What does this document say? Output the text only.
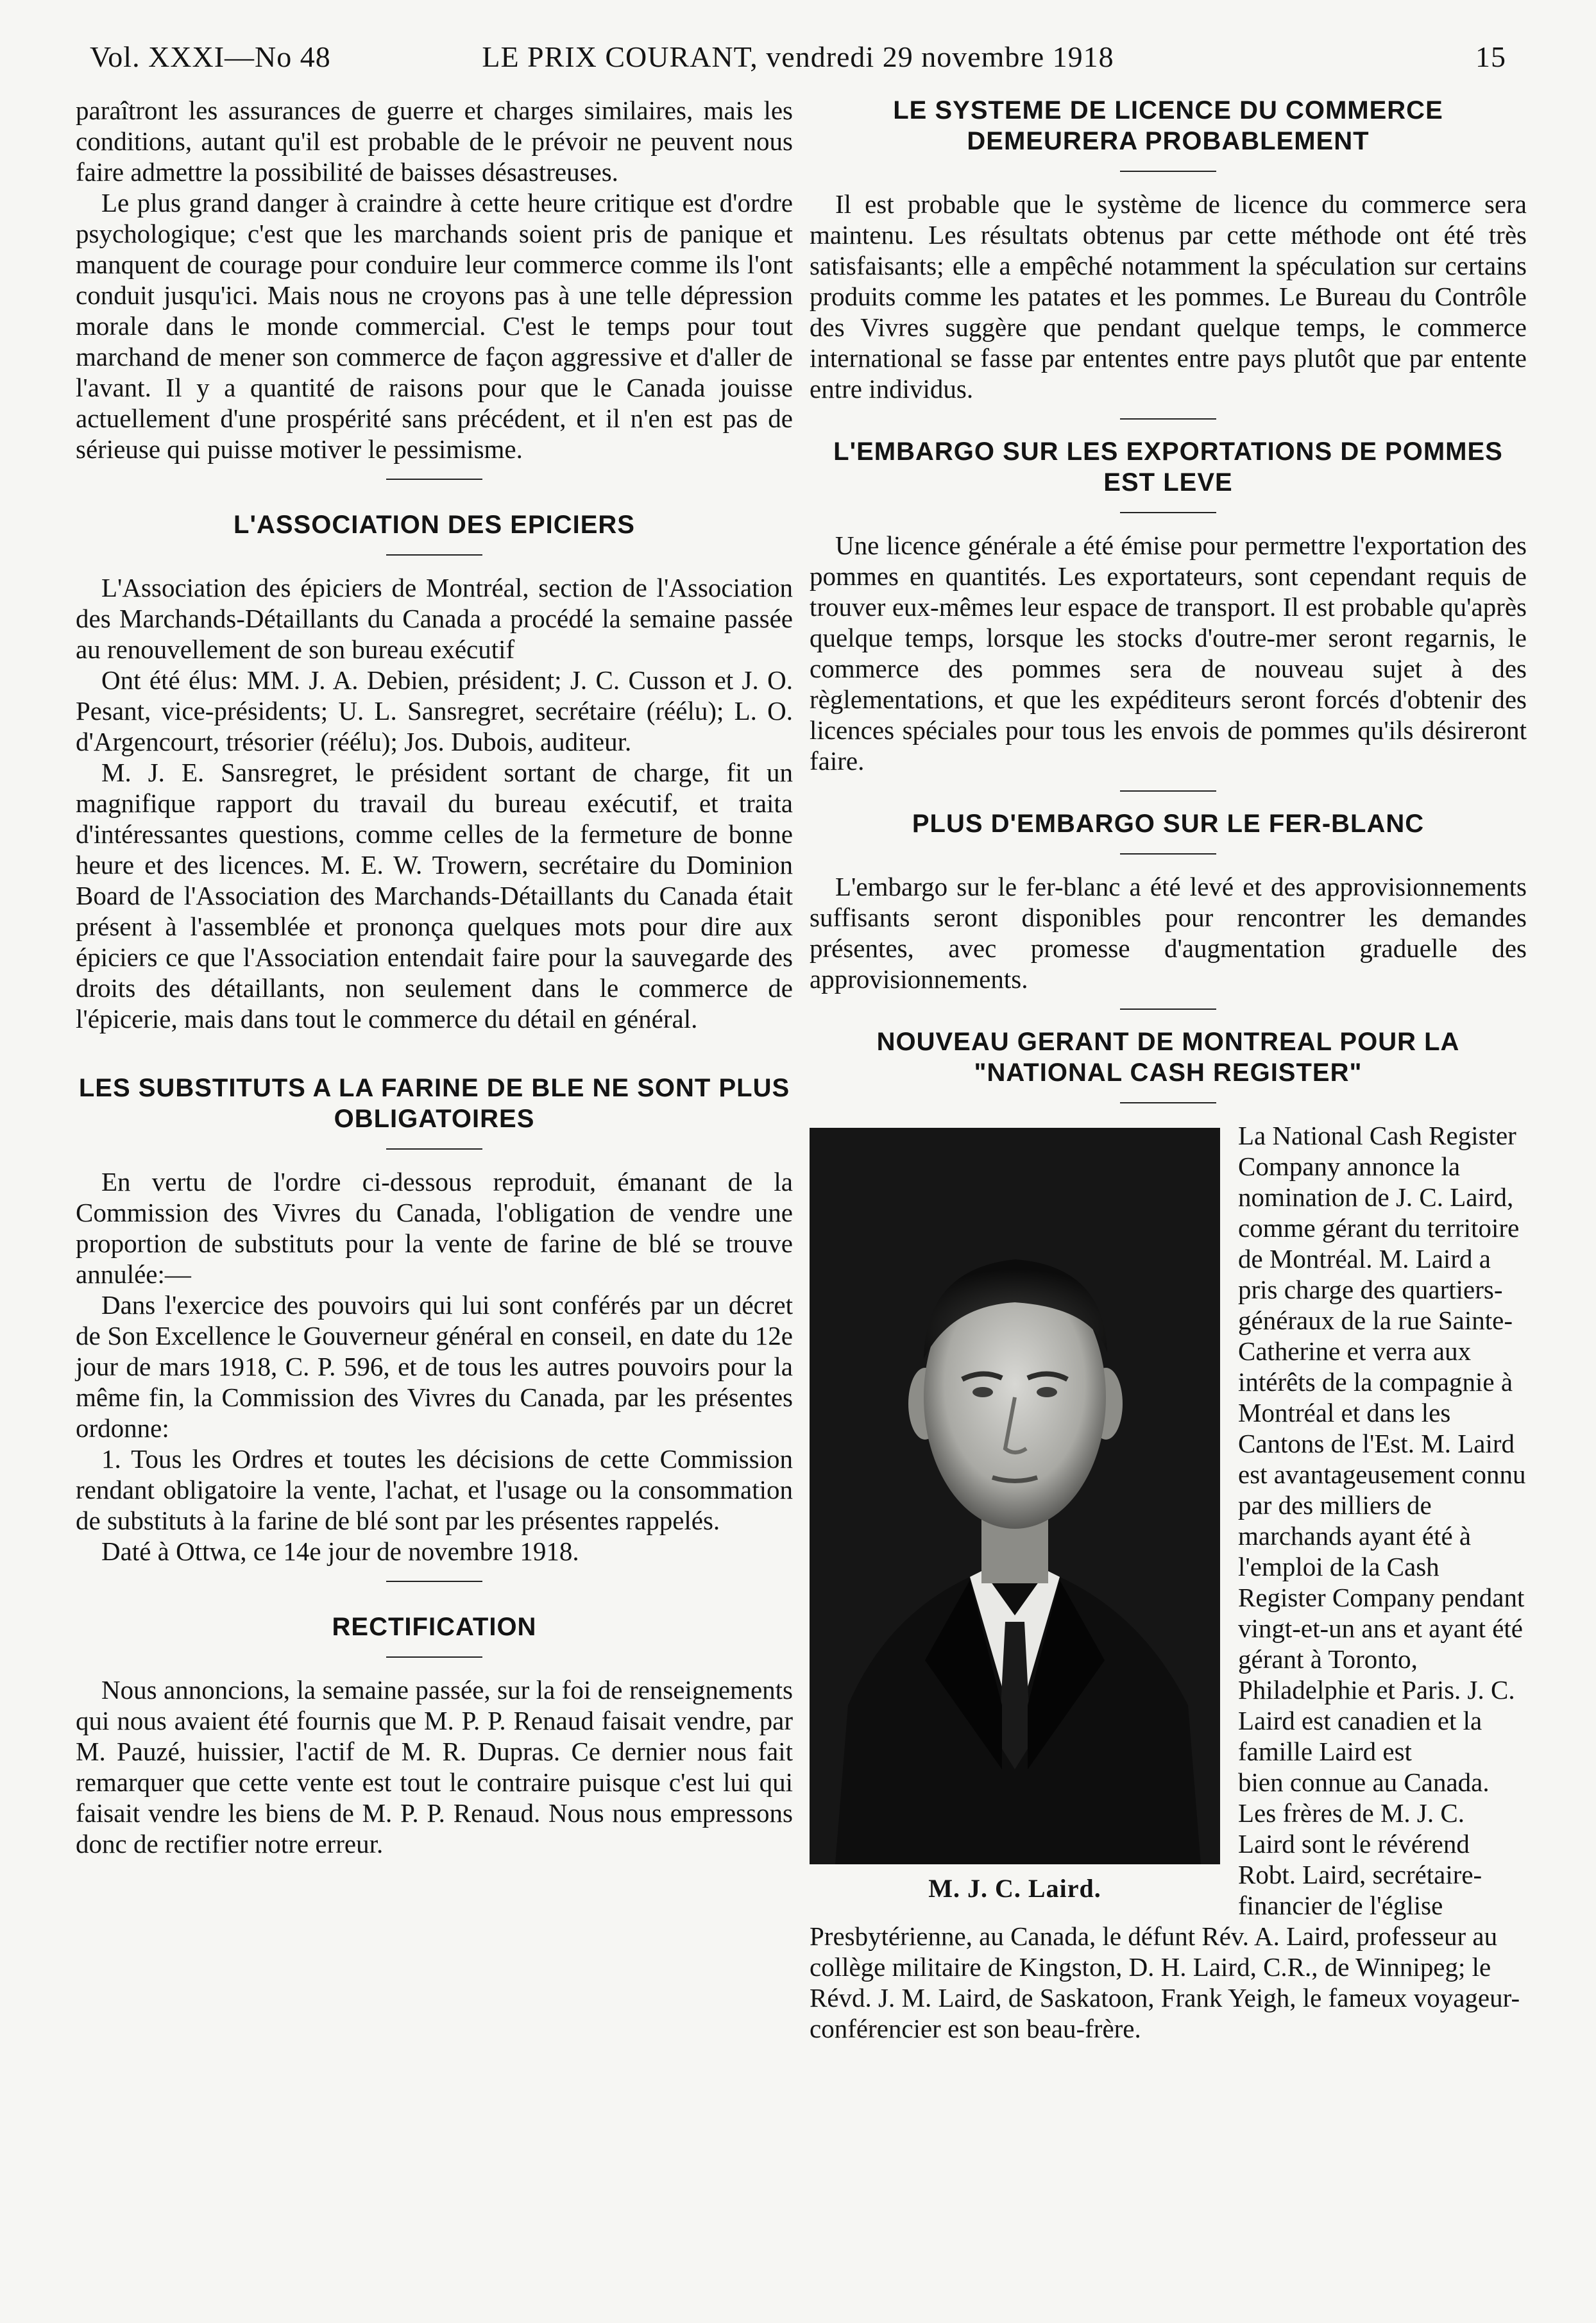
Vol. XXXI—No 48	LE PRIX COURANT, vendredi 29 novembre 1918	15

paraîtront les assurances de guerre et charges similaires, mais les conditions, autant qu'il est probable de le prévoir ne peuvent nous faire admettre la possibilité de baisses désastreuses.

Le plus grand danger à craindre à cette heure critique est d'ordre psychologique; c'est que les marchands soient pris de panique et manquent de courage pour conduire leur commerce comme ils l'ont conduit jusqu'ici. Mais nous ne croyons pas à une telle dépression morale dans le monde commercial. C'est le temps pour tout marchand de mener son commerce de façon aggressive et d'aller de l'avant. Il y a quantité de raisons pour que le Canada jouisse actuellement d'une prospérité sans précédent, et il n'en est pas de sérieuse qui puisse motiver le pessimisme.

L'ASSOCIATION DES EPICIERS

L'Association des épiciers de Montréal, section de l'Association des Marchands-Détaillants du Canada a procédé la semaine passée au renouvellement de son bureau exécutif

Ont été élus: MM. J. A. Debien, président; J. C. Cusson et J. O. Pesant, vice-présidents; U. L. Sansregret, secrétaire (réélu); L. O. d'Argencourt, trésorier (réélu); Jos. Dubois, auditeur.

M. J. E. Sansregret, le président sortant de charge, fit un magnifique rapport du travail du bureau exécutif, et traita d'intéressantes questions, comme celles de la fermeture de bonne heure et des licences. M. E. W. Trowern, secrétaire du Dominion Board de l'Association des Marchands-Détaillants du Canada était présent à l'assemblée et prononça quelques mots pour dire aux épiciers ce que l'Association entendait faire pour la sauvegarde des droits des détaillants, non seulement dans le commerce de l'épicerie, mais dans tout le commerce du détail en général.

LES SUBSTITUTS A LA FARINE DE BLE NE SONT PLUS OBLIGATOIRES

En vertu de l'ordre ci-dessous reproduit, émanant de la Commission des Vivres du Canada, l'obligation de vendre une proportion de substituts pour la vente de farine de blé se trouve annulée:—

Dans l'exercice des pouvoirs qui lui sont conférés par un décret de Son Excellence le Gouverneur général en conseil, en date du 12e jour de mars 1918, C. P. 596, et de tous les autres pouvoirs pour la même fin, la Commission des Vivres du Canada, par les présentes ordonne:

1. Tous les Ordres et toutes les décisions de cette Commission rendant obligatoire la vente, l'achat, et l'usage ou la consommation de substituts à la farine de blé sont par les présentes rappelés.

Daté à Ottwa, ce 14e jour de novembre 1918.

RECTIFICATION

Nous annoncions, la semaine passée, sur la foi de renseignements qui nous avaient été fournis que M. P. P. Renaud faisait vendre, par M. Pauzé, huissier, l'actif de M. R. Dupras. Ce dernier nous fait remarquer que cette vente est tout le contraire puisque c'est lui qui faisait vendre les biens de M. P. P. Renaud. Nous nous empressons donc de rectifier notre erreur.

LE SYSTEME DE LICENCE DU COMMERCE DEMEURERA PROBABLEMENT

Il est probable que le système de licence du commerce sera maintenu. Les résultats obtenus par cette méthode ont été très satisfaisants; elle a empêché notamment la spéculation sur certains produits comme les patates et les pommes. Le Bureau du Contrôle des Vivres suggère que pendant quelque temps, le commerce international se fasse par ententes entre pays plutôt que par entente entre individus.

L'EMBARGO SUR LES EXPORTATIONS DE POMMES EST LEVE

Une licence générale a été émise pour permettre l'exportation des pommes en quantités. Les exportateurs, sont cependant requis de trouver eux-mêmes leur espace de transport. Il est probable qu'après quelque temps, lorsque les stocks d'outre-mer seront regarnis, le commerce des pommes sera de nouveau sujet à des règlementations, et que les expéditeurs seront forcés d'obtenir des licences spéciales pour tous les envois de pommes qu'ils désireront faire.

PLUS D'EMBARGO SUR LE FER-BLANC

L'embargo sur le fer-blanc a été levé et des approvisionnements suffisants seront disponibles pour rencontrer les demandes présentes, avec promesse d'augmentation graduelle des approvisionnements.

NOUVEAU GERANT DE MONTREAL POUR LA "NATIONAL CASH REGISTER"
M. J. C. Laird.

La National Cash Register Company annonce la nomination de J. C. Laird, comme gérant du territoire de Montréal. M. Laird a pris charge des quartiers-généraux de la rue Sainte-Catherine et verra aux intérêts de la compagnie à Montréal et dans les Cantons de l'Est. M. Laird est avantageusement connu par des milliers de marchands ayant été à l'emploi de la Cash Register Company pendant vingt-et-un ans et ayant été gérant à Toronto, Philadelphie et Paris. J. C. Laird est canadien et la famille Laird est

bien connue au Canada. Les frères de M. J. C. Laird sont le révérend Robt. Laird, secrétaire-financier de l'église Presbytérienne, au Canada, le défunt Rév. A. Laird, professeur au collège militaire de Kingston, D. H. Laird, C.R., de Winnipeg; le Révd. J. M. Laird, de Saskatoon, Frank Yeigh, le fameux voyageur-conférencier est son beau-frère.
